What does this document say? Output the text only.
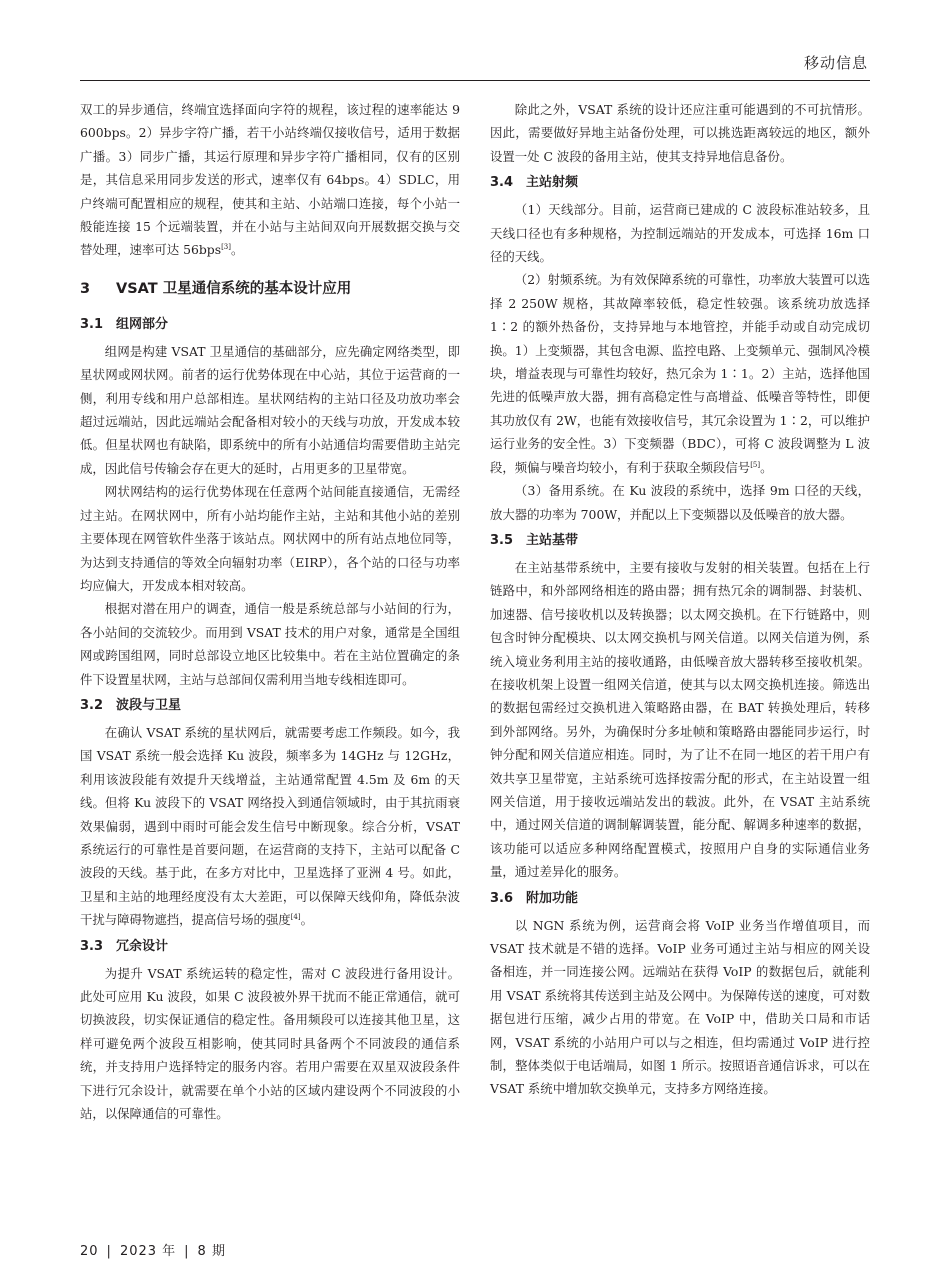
移动信息

双工的异步通信，终端宜选择面向字符的规程，该过程的速率能达 9 600bps。2）异步字符广播，若干小站终端仅接收信号，适用于数据广播。3）同步广播，其运行原理和异步字符广播相同，仅有的区别是，其信息采用同步发送的形式，速率仅有 64bps。4）SDLC，用户终端可配置相应的规程，使其和主站、小站端口连接，每个小站一般能连接 15 个远端装置，并在小站与主站间双向开展数据交换与交替处理，速率可达 56bps[3]。

3 VSAT 卫星通信系统的基本设计应用
3.1 组网部分

组网是构建 VSAT 卫星通信的基础部分，应先确定网络类型，即星状网或网状网。前者的运行优势体现在中心站，其位于运营商的一侧，利用专线和用户总部相连。星状网结构的主站口径及功放功率会超过远端站，因此远端站会配备相对较小的天线与功放，开发成本较低。但星状网也有缺陷，即系统中的所有小站通信均需要借助主站完成，因此信号传输会存在更大的延时，占用更多的卫星带宽。

网状网结构的运行优势体现在任意两个站间能直接通信，无需经过主站。在网状网中，所有小站均能作主站，主站和其他小站的差别主要体现在网管软件坐落于该站点。网状网中的所有站点地位同等，为达到支持通信的等效全向辐射功率（EIRP），各个站的口径与功率均应偏大，开发成本相对较高。

根据对潜在用户的调查，通信一般是系统总部与小站间的行为，各小站间的交流较少。而用到 VSAT 技术的用户对象，通常是全国组网或跨国组网，同时总部设立地区比较集中。若在主站位置确定的条件下设置星状网，主站与总部间仅需利用当地专线相连即可。

3.2 波段与卫星

在确认 VSAT 系统的星状网后，就需要考虑工作频段。如今，我国 VSAT 系统一般会选择 Ku 波段，频率多为 14GHz 与 12GHz，利用该波段能有效提升天线增益，主站通常配置 4.5m 及 6m 的天线。但将 Ku 波段下的 VSAT 网络投入到通信领域时，由于其抗雨衰效果偏弱，遇到中雨时可能会发生信号中断现象。综合分析，VSAT 系统运行的可靠性是首要问题，在运营商的支持下，主站可以配备 C 波段的天线。基于此，在多方对比中，卫星选择了亚洲 4 号。如此，卫星和主站的地理经度没有太大差距，可以保障天线仰角，降低杂波干扰与障碍物遮挡，提高信号场的强度[4]。

3.3 冗余设计

为提升 VSAT 系统运转的稳定性，需对 C 波段进行备用设计。此处可应用 Ku 波段，如果 C 波段被外界干扰而不能正常通信，就可切换波段，切实保证通信的稳定性。备用频段可以连接其他卫星，这样可避免两个波段互相影响，使其同时具备两个不同波段的通信系统，并支持用户选择特定的服务内容。若用户需要在双星双波段条件下进行冗余设计，就需要在单个小站的区域内建设两个不同波段的小站，以保障通信的可靠性。

除此之外，VSAT 系统的设计还应注重可能遇到的不可抗情形。因此，需要做好异地主站备份处理，可以挑选距离较远的地区，额外设置一处 C 波段的备用主站，使其支持异地信息备份。

3.4 主站射频

（1）天线部分。目前，运营商已建成的 C 波段标准站较多，且天线口径也有多种规格，为控制远端站的开发成本，可选择 16m 口径的天线。

（2）射频系统。为有效保障系统的可靠性，功率放大装置可以选择 2 250W 规格，其故障率较低，稳定性较强。该系统功放选择 1∶2 的额外热备份，支持异地与本地管控，并能手动或自动完成切换。1）上变频器，其包含电源、监控电路、上变频单元、强制风冷模块，增益表现与可靠性均较好，热冗余为 1∶1。2）主站，选择他国先进的低噪声放大器，拥有高稳定性与高增益、低噪音等特性，即便其功放仅有 2W，也能有效接收信号，其冗余设置为 1∶2，可以维护运行业务的安全性。3）下变频器（BDC），可将 C 波段调整为 L 波段，频偏与噪音均较小，有利于获取全频段信号[5]。

（3）备用系统。在 Ku 波段的系统中，选择 9m 口径的天线，放大器的功率为 700W，并配以上下变频器以及低噪音的放大器。

3.5 主站基带

在主站基带系统中，主要有接收与发射的相关装置。包括在上行链路中，和外部网络相连的路由器；拥有热冗余的调制器、封装机、加速器、信号接收机以及转换器；以太网交换机。在下行链路中，则包含时钟分配模块、以太网交换机与网关信道。以网关信道为例，系统入境业务利用主站的接收通路，由低噪音放大器转移至接收机架。在接收机架上设置一组网关信道，使其与以太网交换机连接。筛选出的数据包需经过交换机进入策略路由器，在 BAT 转换处理后，转移到外部网络。另外，为确保时分多址帧和策略路由器能同步运行，时钟分配和网关信道应相连。同时，为了让不在同一地区的若干用户有效共享卫星带宽，主站系统可选择按需分配的形式，在主站设置一组网关信道，用于接收远端站发出的载波。此外，在 VSAT 主站系统中，通过网关信道的调制解调装置，能分配、解调多种速率的数据，该功能可以适应多种网络配置模式，按照用户自身的实际通信业务量，通过差异化的服务。

3.6 附加功能

以 NGN 系统为例，运营商会将 VoIP 业务当作增值项目，而 VSAT 技术就是不错的选择。VoIP 业务可通过主站与相应的网关设备相连，并一同连接公网。远端站在获得 VoIP 的数据包后，就能利用 VSAT 系统将其传送到主站及公网中。为保障传送的速度，可对数据包进行压缩，减少占用的带宽。在 VoIP 中，借助关口局和市话网，VSAT 系统的小站用户可以与之相连，但均需通过 VoIP 进行控制，整体类似于电话端局，如图 1 所示。按照语音通信诉求，可以在 VSAT 系统中增加软交换单元，支持多方网络连接。

20 | 2023 年 | 8 期
